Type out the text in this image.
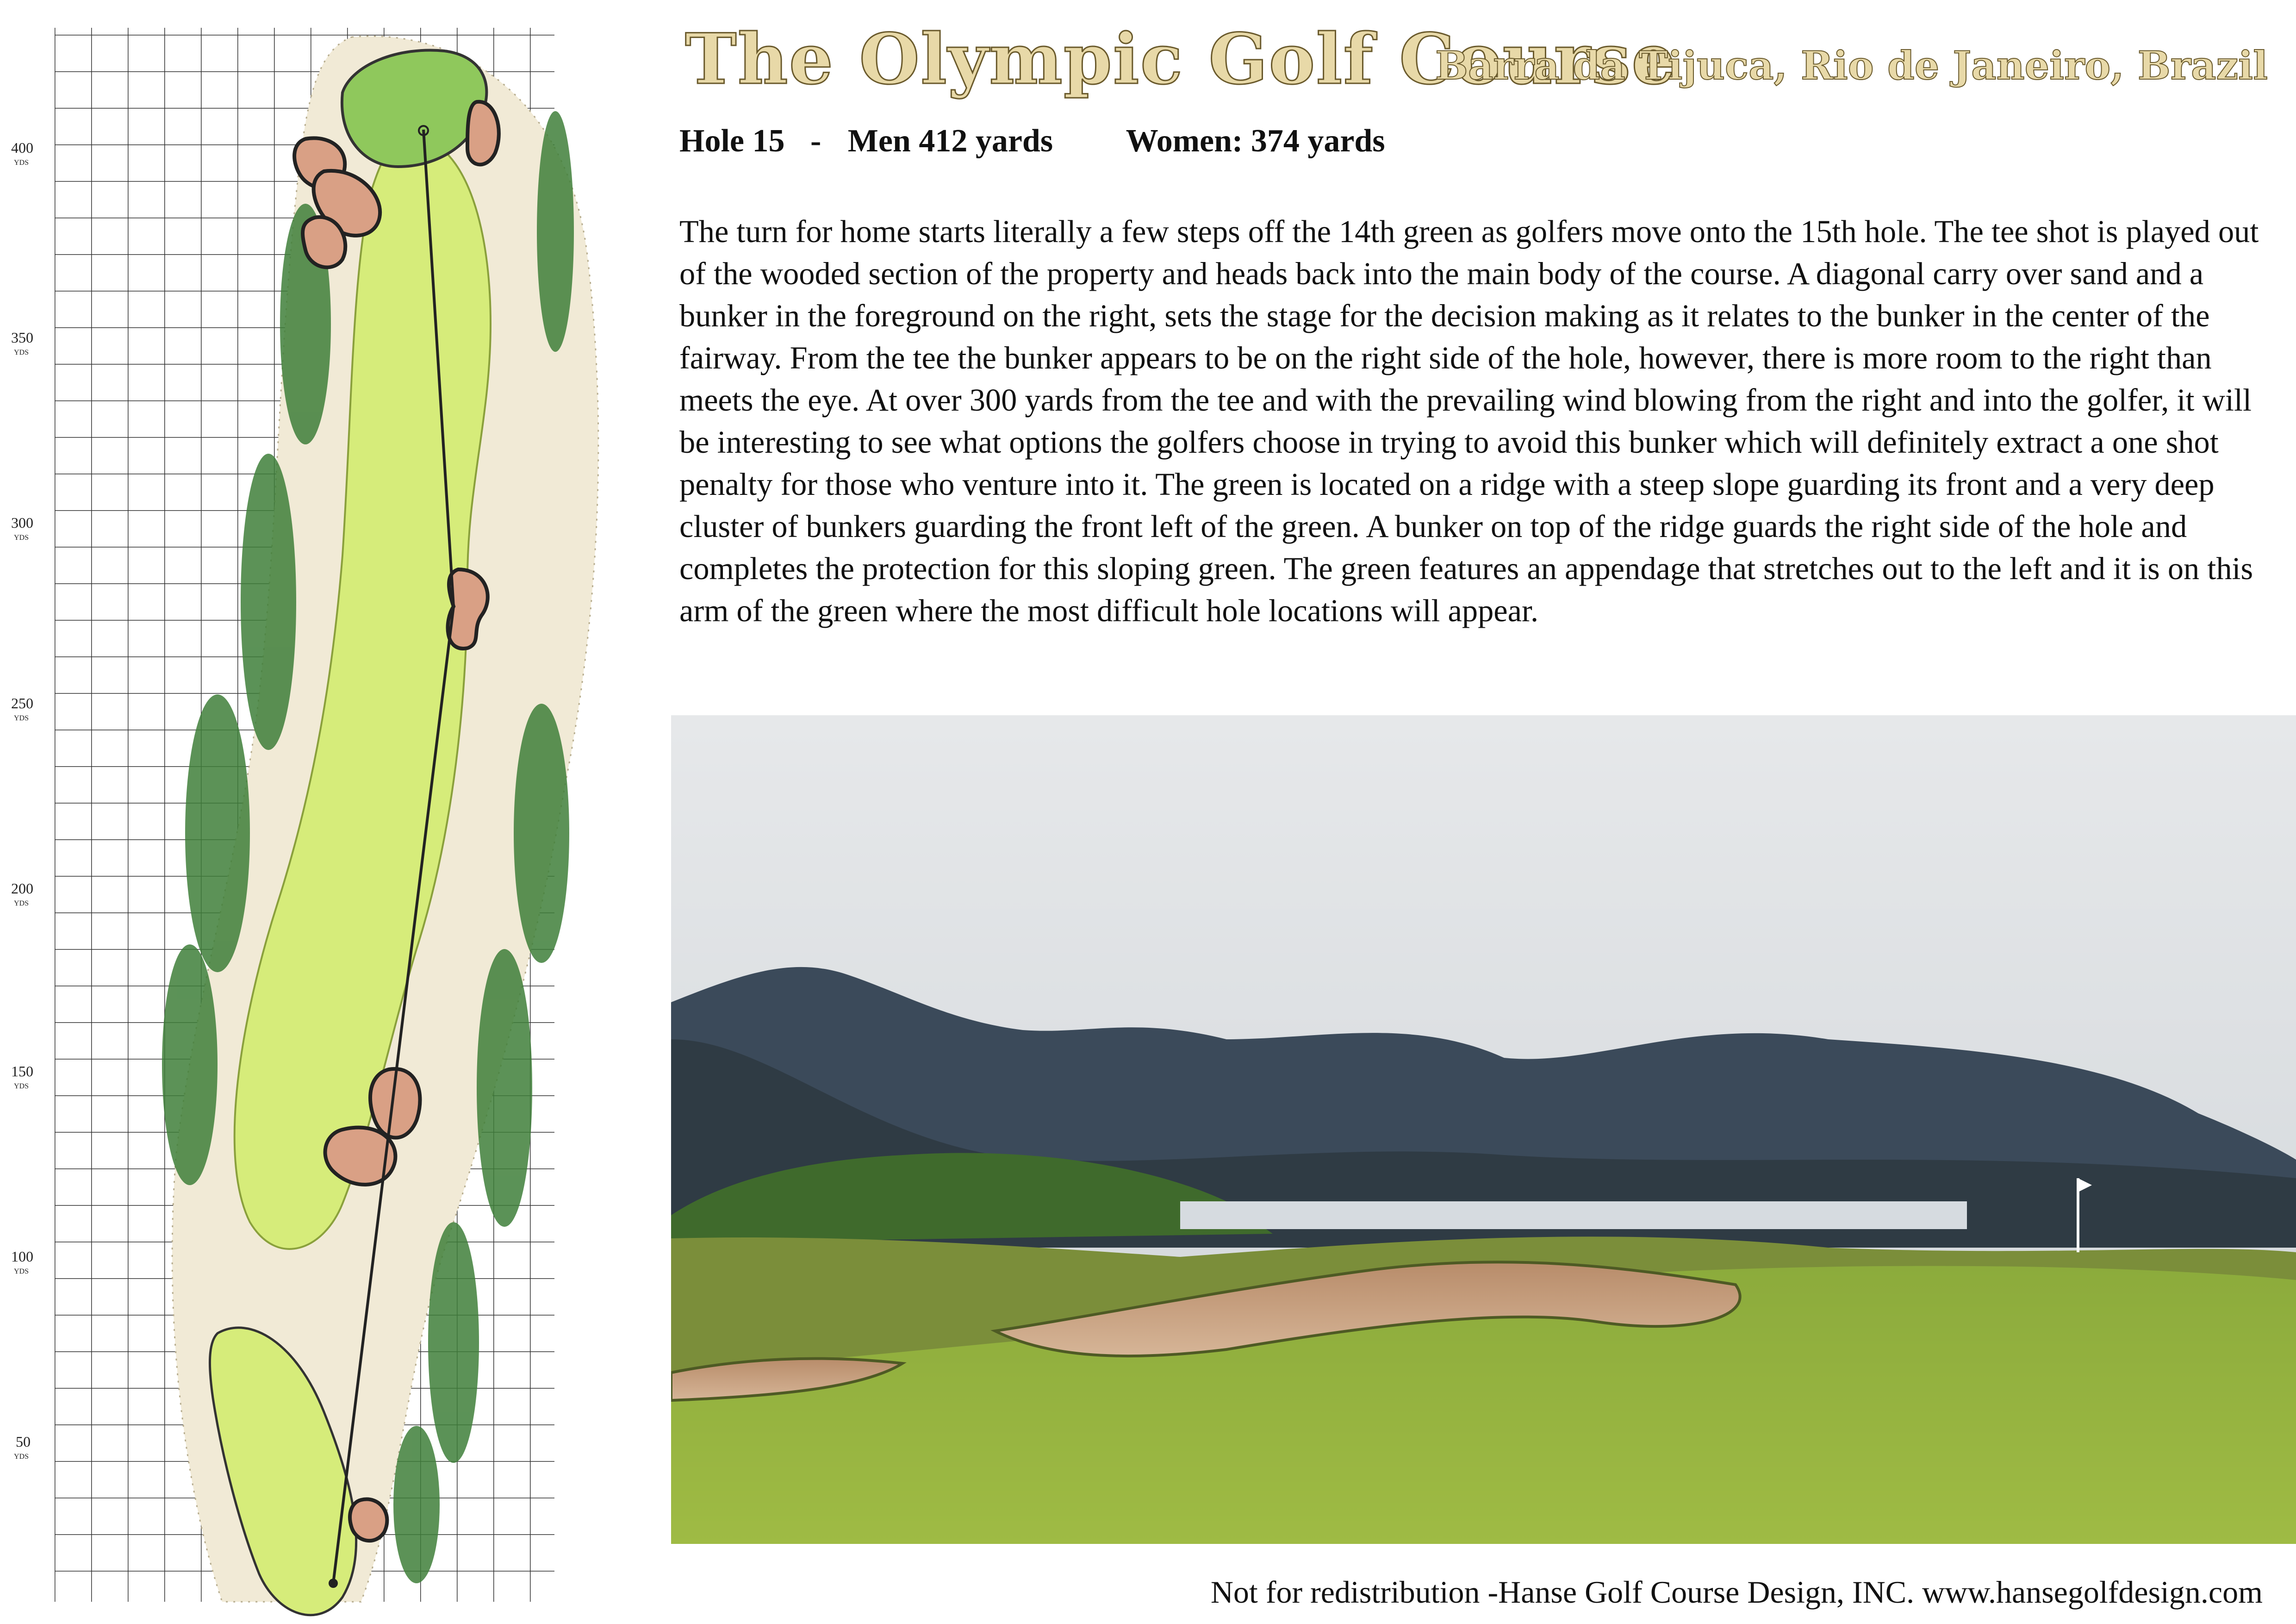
400
YDS
350
YDS
300
YDS
250
YDS
200
YDS
150
YDS
100
YDS
50
YDS
The Olympic Golf Course
Barra da Tijuca, Rio de Janeiro, Brazil
Hole 15 - Men 412 yards Women: 374 yards

The turn for home starts literally a few steps off the 14th green as golfers move onto the 15th hole. The tee shot is played out of the wooded section of the property and heads back into the main body of the course. A diagonal carry over sand and a bunker in the foreground on the right, sets the stage for the decision making as it relates to the bunker in the center of the fairway. From the tee the bunker appears to be on the right side of the hole, however, there is more room to the right than meets the eye. At over 300 yards from the tee and with the prevailing wind blowing from the right and into the golfer, it will be interesting to see what options the golfers choose in trying to avoid this bunker which will definitely extract a one shot penalty for those who venture into it. The green is located on a ridge with a steep slope guarding its front and a very deep cluster of bunkers guarding the front left of the green. A bunker on top of the ridge guards the right side of the hole and completes the protection for this sloping green. The green features an appendage that stretches out to the left and it is on this arm of the green where the most difficult hole locations will appear.

Not for redistribution -Hanse Golf Course Design, INC. www.hansegolfdesign.com
